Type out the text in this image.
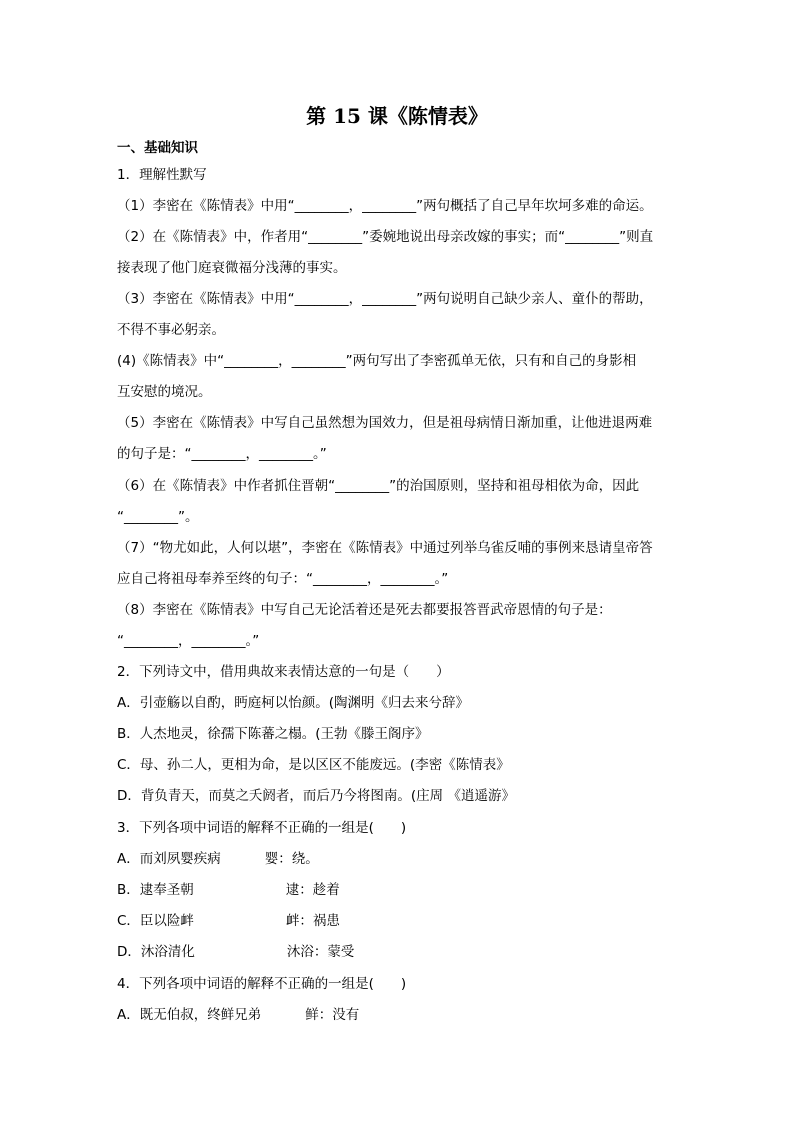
第 15 课《陈情表》
一、基础知识
1．理解性默写
（1）李密在《陈情表》中用“________，________”两句概括了自己早年坎坷多难的命运。
（2）在《陈情表》中，作者用“________”委婉地说出母亲改嫁的事实；而“________”则直
接表现了他门庭衰微福分浅薄的事实。
（3）李密在《陈情表》中用“________，________”两句说明自己缺少亲人、童仆的帮助，
不得不事必躬亲。
(4)《陈情表》中“________，________”两句写出了李密孤单无依，只有和自己的身影相
互安慰的境况。
（5）李密在《陈情表》中写自己虽然想为国效力，但是祖母病情日渐加重，让他进退两难
的句子是：“________，________。”
（6）在《陈情表》中作者抓住晋朝“________”的治国原则，坚持和祖母相依为命，因此
“________”。
（7）“物尤如此，人何以堪”，李密在《陈情表》中通过列举乌雀反哺的事例来恳请皇帝答
应自己将祖母奉养至终的句子：“________，________。”
（8）李密在《陈情表》中写自己无论活着还是死去都要报答晋武帝恩情的句子是：
“________，________。”
2．下列诗文中，借用典故来表情达意的一句是（　　）
A．引壶觞以自酌，眄庭柯以怡颜。(陶渊明《归去来兮辞》
B．人杰地灵，徐孺下陈蕃之榻。(王勃《滕王阁序》
C．母、孙二人，更相为命，是以区区不能废远。(李密《陈情表》
D．背负青天，而莫之夭阏者，而后乃今将图南。(庄周 《逍遥游》
3．下列各项中词语的解释不正确的一组是(　　)
A．而刘夙婴疾病	婴：绕。
B．逮奉圣朝	逮：趁着
C．臣以险衅	衅：祸患
D．沐浴清化	沐浴：蒙受
4．下列各项中词语的解释不正确的一组是(　　)
A．既无伯叔，终鲜兄弟	鲜：没有
